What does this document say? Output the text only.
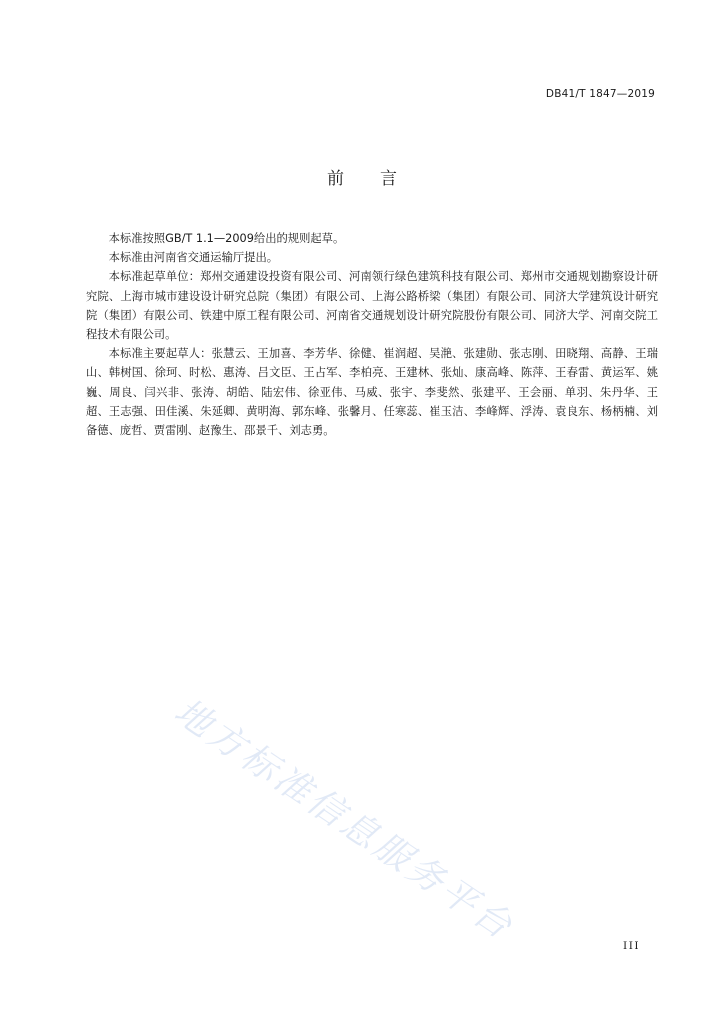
DB41/T 1847—2019
前言

本标准按照GB/T 1.1—2009给出的规则起草。

本标准由河南省交通运输厅提出。

本标准起草单位：郑州交通建设投资有限公司、河南领行绿色建筑科技有限公司、郑州市交通规划勘察设计研究院、上海市城市建设设计研究总院（集团）有限公司、上海公路桥梁（集团）有限公司、同济大学建筑设计研究院（集团）有限公司、铁建中原工程有限公司、河南省交通规划设计研究院股份有限公司、同济大学、河南交院工程技术有限公司。

本标准主要起草人：张慧云、王加喜、李芳华、徐健、崔润超、吴滟、张建勋、张志刚、田晓翔、高静、王瑞山、韩树国、徐珂、时松、惠涛、吕文臣、王占军、李柏亮、王建林、张灿、康高峰、陈萍、王春雷、黄运军、姚巍、周良、闫兴非、张涛、胡皓、陆宏伟、徐亚伟、马威、张宇、李斐然、张建平、王会丽、单羽、朱丹华、王超、王志强、田佳溪、朱延卿、黄明海、郭东峰、张馨月、任寒蕊、崔玉洁、李峰辉、浮涛、袁良东、杨柄楠、刘备德、庞哲、贾雷刚、赵豫生、邵景千、刘志勇。

地方标准信息服务平台	III
